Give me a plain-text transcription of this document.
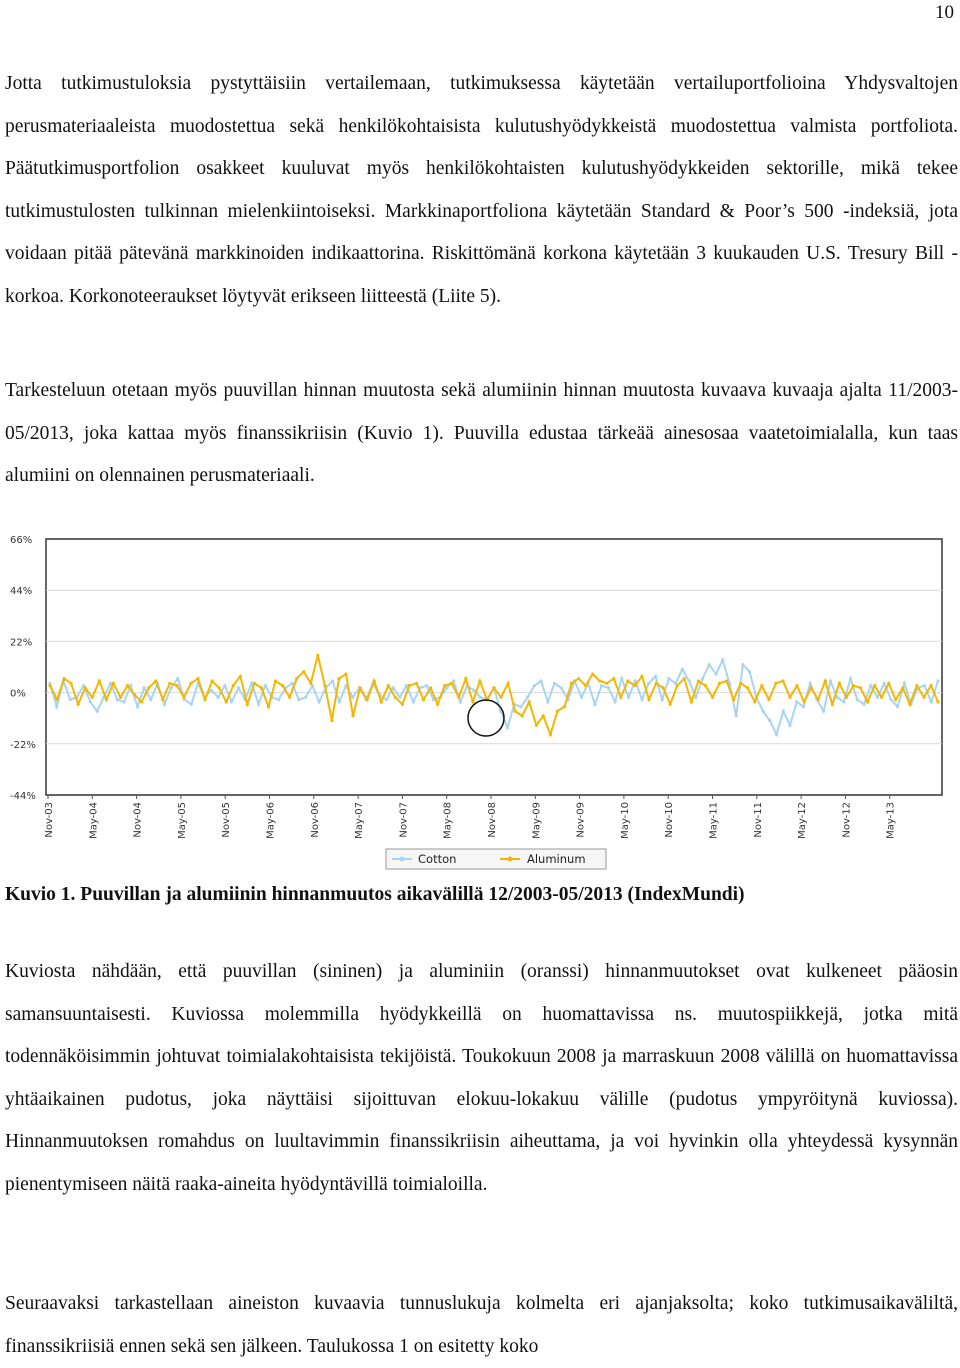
10

Jotta tutkimustuloksia pystyttäisiin vertailemaan, tutkimuksessa käytetään vertailuportfolioina Yhdysvaltojen perusmateriaaleista muodostettua sekä henkilökohtaisista kulutushyödykkeistä muodostettua valmista portfoliota. Päätutkimusportfolion osakkeet kuuluvat myös henkilökohtaisten kulutushyödykkeiden sektorille, mikä tekee tutkimustulosten tulkinnan mielenkiintoiseksi. Markkinaportfoliona käytetään Standard & Poor’s 500 -indeksiä, jota voidaan pitää pätevänä markkinoiden indikaattorina. Riskittömänä korkona käytetään 3 kuukauden U.S. Tresury Bill -korkoa. Korkonoteeraukset löytyvät erikseen liitteestä (Liite 5).

Tarkesteluun otetaan myös puuvillan hinnan muutosta sekä alumiinin hinnan muutosta kuvaava kuvaaja ajalta 11/2003-05/2013, joka kattaa myös finanssikriisin (Kuvio 1). Puuvilla edustaa tärkeää ainesosaa vaatetoimialalla, kun taas alumiini on olennainen perusmateriaali.

66%
44%
22%
0%
-22%
-44%
Nov-03	May-04	Nov-04	May-05	Nov-05	May-06	Nov-06	May-07	Nov-07	May-08	Nov-08	May-09	Nov-09	May-10	Nov-10	May-11	Nov-11	May-12	Nov-12	May-13
Cotton	Aluminum

Kuvio 1. Puuvillan ja alumiinin hinnanmuutos aikavälillä 12/2003-05/2013 (IndexMundi)

Kuviosta nähdään, että puuvillan (sininen) ja aluminiin (oranssi) hinnanmuutokset ovat kulkeneet pääosin samansuuntaisesti. Kuviossa molemmilla hyödykkeillä on huomattavissa ns. muutospiikkejä, jotka mitä todennäköisimmin johtuvat toimialakohtaisista tekijöistä. Toukokuun 2008 ja marraskuun 2008 välillä on huomattavissa yhtäaikainen pudotus, joka näyttäisi sijoittuvan elokuu-lokakuu välille (pudotus ympyröitynä kuviossa). Hinnanmuutoksen romahdus on luultavimmin finanssikriisin aiheuttama, ja voi hyvinkin olla yhteydessä kysynnän pienentymiseen näitä raaka-aineita hyödyntävillä toimialoilla.

Seuraavaksi tarkastellaan aineiston kuvaavia tunnuslukuja kolmelta eri ajanjaksolta; koko tutkimusaikaväliltä, finanssikriisiä ennen sekä sen jälkeen. Taulukossa 1 on esitetty koko
